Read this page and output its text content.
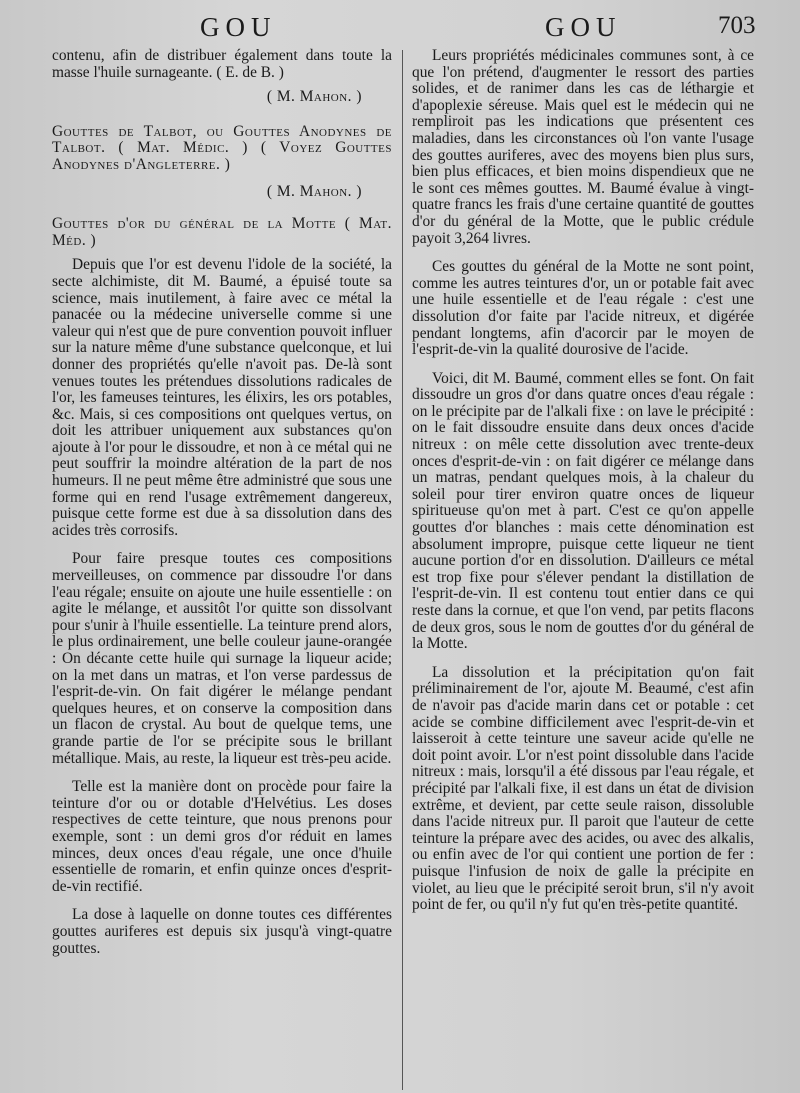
GOU	GOU	703

contenu, afin de distribuer également dans toute la masse l'huile surnageante. ( E. de B. )

( M. Mahon. )

Gouttes de Talbot, ou Gouttes Anodynes de Talbot. ( Mat. Médic. ) ( Voyez Gouttes Anodynes d'Angleterre. )

( M. Mahon. )

Gouttes d'or du général de la Motte ( Mat. Méd. )

Depuis que l'or est devenu l'idole de la société, la secte alchimiste, dit M. Baumé, a épuisé toute sa science, mais inutilement, à faire avec ce métal la panacée ou la médecine universelle comme si une valeur qui n'est que de pure convention pouvoit influer sur la nature même d'une substance quelconque, et lui donner des propriétés qu'elle n'avoit pas. De-là sont venues toutes les prétendues dissolutions radicales de l'or, les fameuses teintures, les élixirs, les ors potables, &c. Mais, si ces compositions ont quelques vertus, on doit les attribuer uniquement aux substances qu'on ajoute à l'or pour le dissoudre, et non à ce métal qui ne peut souffrir la moindre altération de la part de nos humeurs. Il ne peut même être administré que sous une forme qui en rend l'usage extrêmement dangereux, puisque cette forme est due à sa dissolution dans des acides très corrosifs.

Pour faire presque toutes ces compositions merveilleuses, on commence par dissoudre l'or dans l'eau régale; ensuite on ajoute une huile essentielle : on agite le mélange, et aussitôt l'or quitte son dissolvant pour s'unir à l'huile essentielle. La teinture prend alors, le plus ordinairement, une belle couleur jaune-orangée : On décante cette huile qui surnage la liqueur acide; on la met dans un matras, et l'on verse pardessus de l'esprit-de-vin. On fait digérer le mélange pendant quelques heures, et on conserve la composition dans un flacon de crystal. Au bout de quelque tems, une grande partie de l'or se précipite sous le brillant métallique. Mais, au reste, la liqueur est très-peu acide.

Telle est la manière dont on procède pour faire la teinture d'or ou or dotable d'Helvétius. Les doses respectives de cette teinture, que nous prenons pour exemple, sont : un demi gros d'or réduit en lames minces, deux onces d'eau régale, une once d'huile essentielle de romarin, et enfin quinze onces d'esprit-de-vin rectifié.

La dose à laquelle on donne toutes ces différentes gouttes auriferes est depuis six jusqu'à vingt-quatre gouttes.

Leurs propriétés médicinales communes sont, à ce que l'on prétend, d'augmenter le ressort des parties solides, et de ranimer dans les cas de léthargie et d'apoplexie séreuse. Mais quel est le médecin qui ne rempliroit pas les indications que présentent ces maladies, dans les circonstances où l'on vante l'usage des gouttes auriferes, avec des moyens bien plus surs, bien plus efficaces, et bien moins dispendieux que ne le sont ces mêmes gouttes. M. Baumé évalue à vingt-quatre francs les frais d'une certaine quantité de gouttes d'or du général de la Motte, que le public crédule payoit 3,264 livres.

Ces gouttes du général de la Motte ne sont point, comme les autres teintures d'or, un or potable fait avec une huile essentielle et de l'eau régale : c'est une dissolution d'or faite par l'acide nitreux, et digérée pendant longtems, afin d'acorcir par le moyen de l'esprit-de-vin la qualité dourosive de l'acide.

Voici, dit M. Baumé, comment elles se font. On fait dissoudre un gros d'or dans quatre onces d'eau régale : on le précipite par de l'alkali fixe : on lave le précipité : on le fait dissoudre ensuite dans deux onces d'acide nitreux : on mêle cette dissolution avec trente-deux onces d'esprit-de-vin : on fait digérer ce mélange dans un matras, pendant quelques mois, à la chaleur du soleil pour tirer environ quatre onces de liqueur spiritueuse qu'on met à part. C'est ce qu'on appelle gouttes d'or blanches : mais cette dénomination est absolument impropre, puisque cette liqueur ne tient aucune portion d'or en dissolution. D'ailleurs ce métal est trop fixe pour s'élever pendant la distillation de l'esprit-de-vin. Il est contenu tout entier dans ce qui reste dans la cornue, et que l'on vend, par petits flacons de deux gros, sous le nom de gouttes d'or du général de la Motte.

La dissolution et la précipitation qu'on fait préliminairement de l'or, ajoute M. Beaumé, c'est afin de n'avoir pas d'acide marin dans cet or potable : cet acide se combine difficilement avec l'esprit-de-vin et laisseroit à cette teinture une saveur acide qu'elle ne doit point avoir. L'or n'est point dissoluble dans l'acide nitreux : mais, lorsqu'il a été dissous par l'eau régale, et précipité par l'alkali fixe, il est dans un état de division extrême, et devient, par cette seule raison, dissoluble dans l'acide nitreux pur. Il paroit que l'auteur de cette teinture la prépare avec des acides, ou avec des alkalis, ou enfin avec de l'or qui contient une portion de fer : puisque l'infusion de noix de galle la précipite en violet, au lieu que le précipité seroit brun, s'il n'y avoit point de fer, ou qu'il n'y fut qu'en très-petite quantité.
